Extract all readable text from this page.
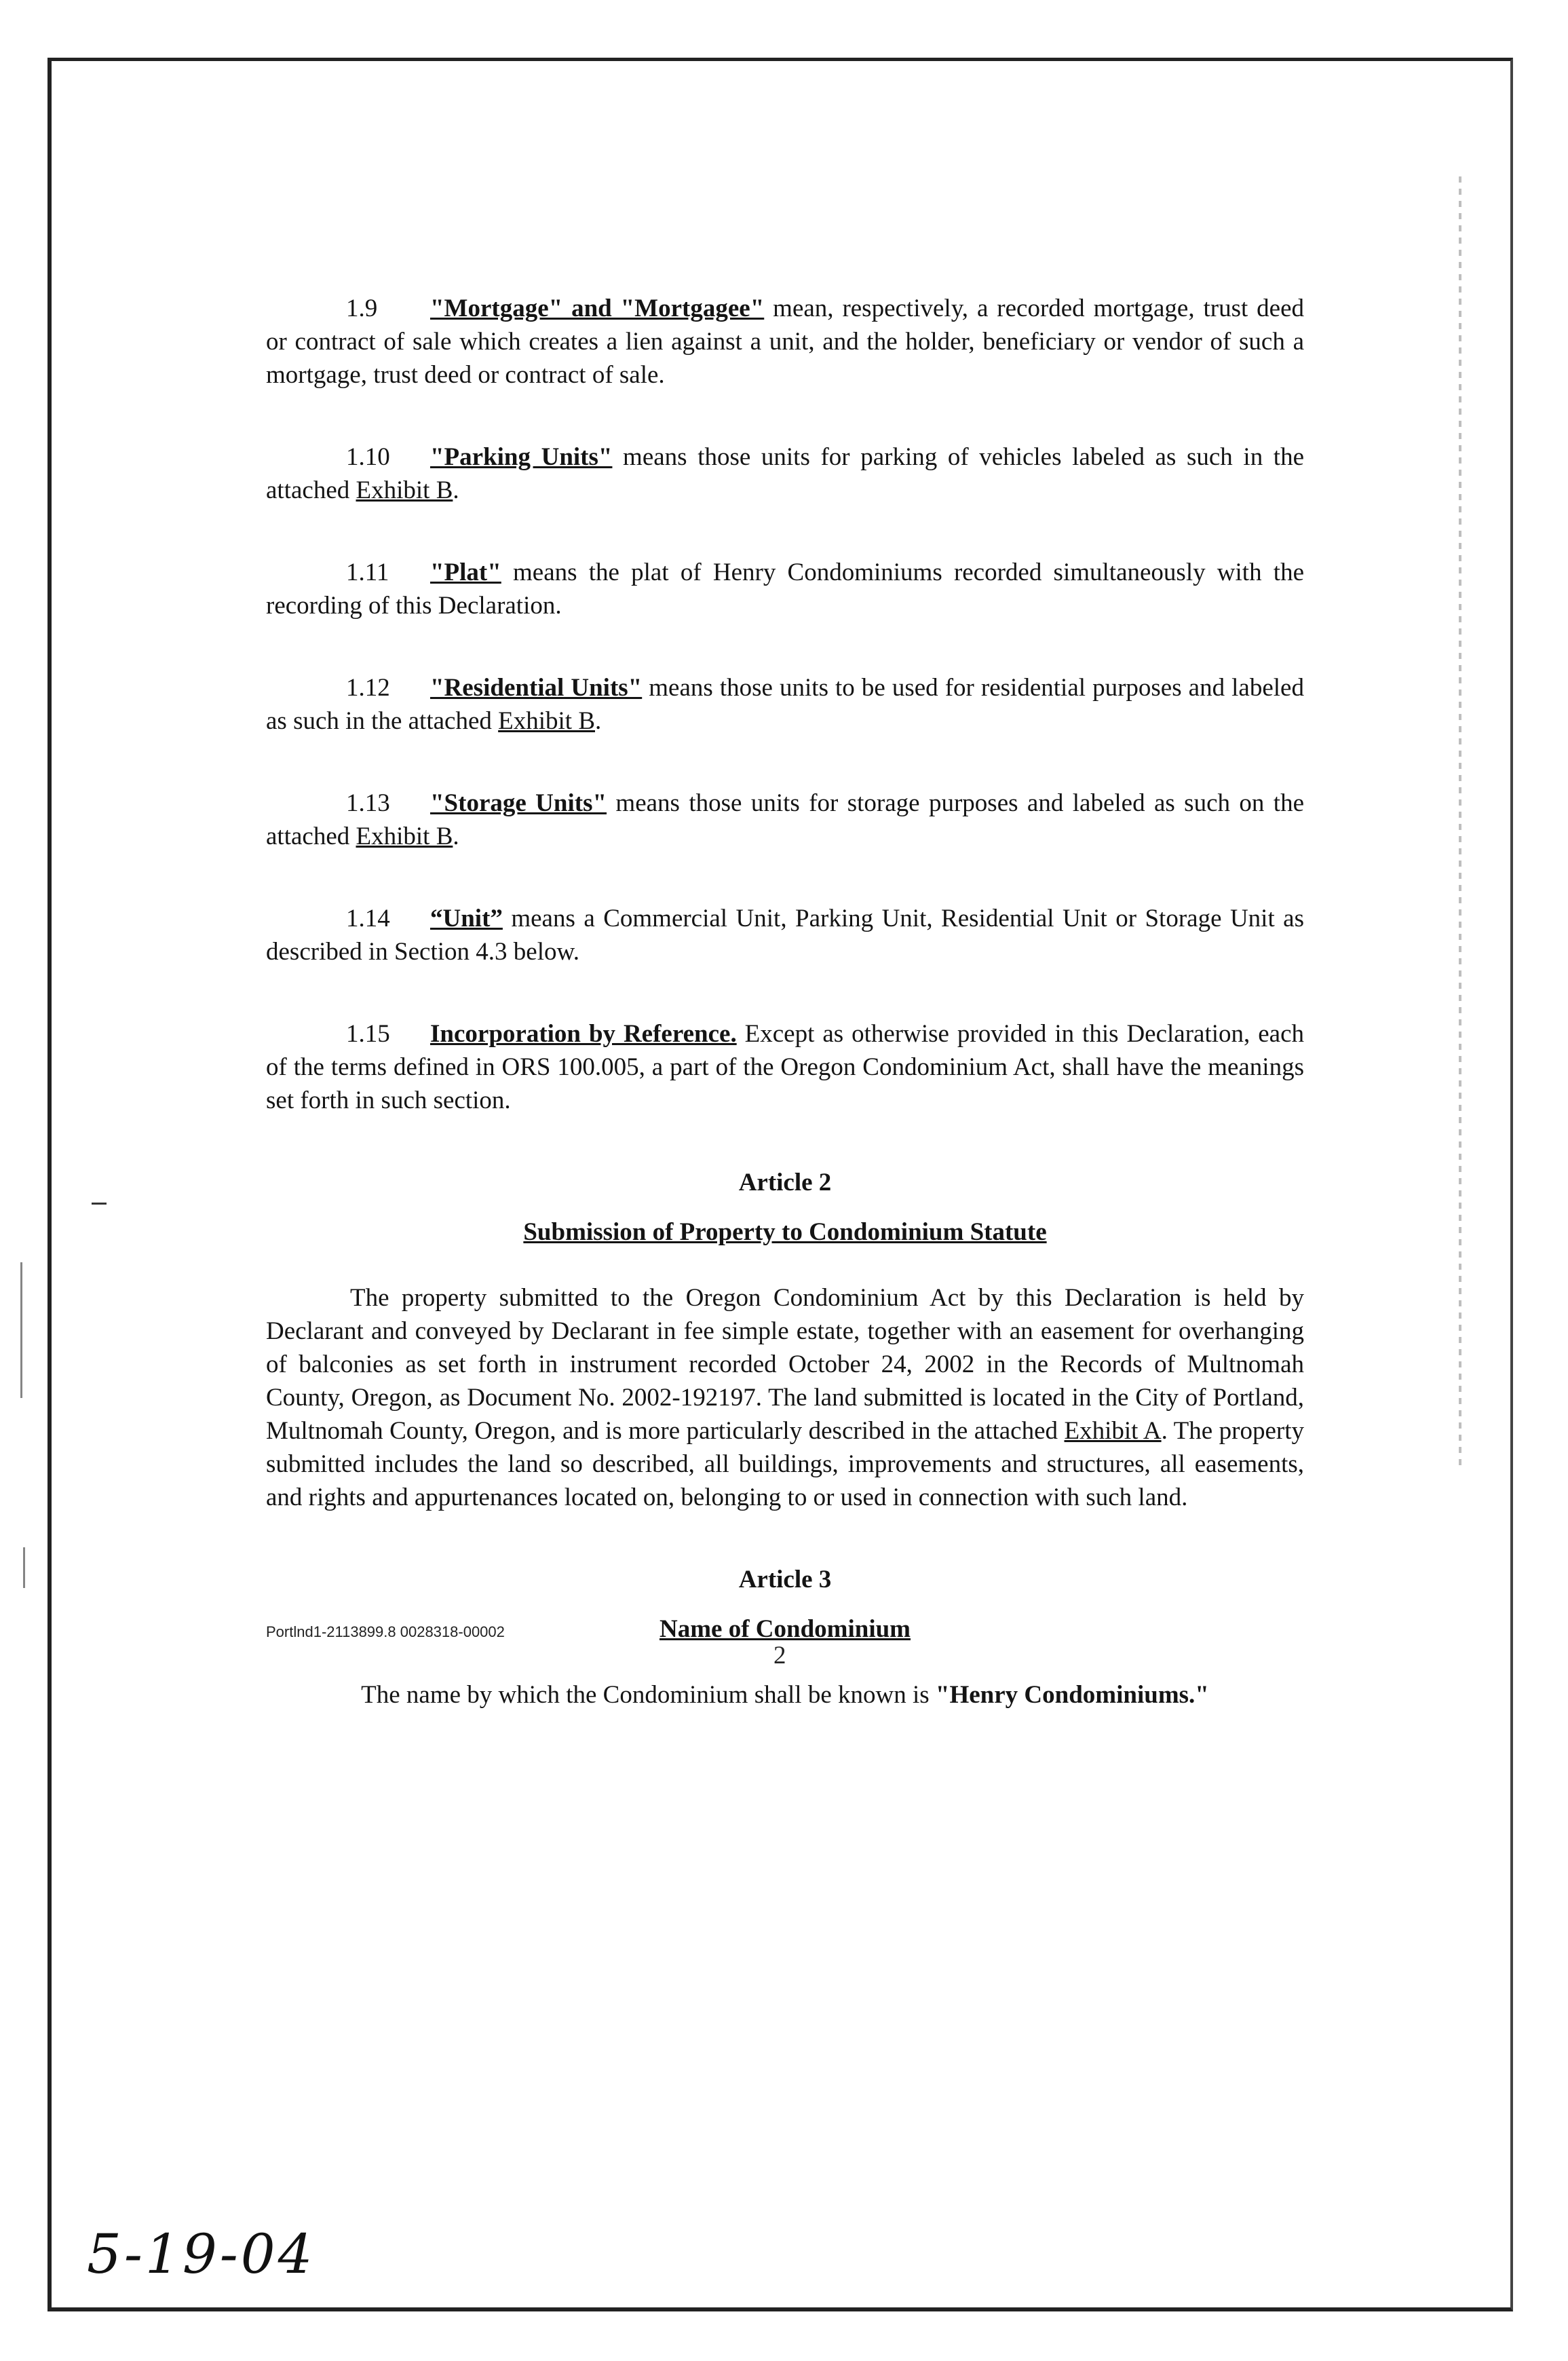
1.9 "Mortgage" and "Mortgagee" mean, respectively, a recorded mortgage, trust deed or contract of sale which creates a lien against a unit, and the holder, beneficiary or vendor of such a mortgage, trust deed or contract of sale.

1.10 "Parking Units" means those units for parking of vehicles labeled as such in the attached Exhibit B.

1.11 "Plat" means the plat of Henry Condominiums recorded simultaneously with the recording of this Declaration.

1.12 "Residential Units" means those units to be used for residential purposes and labeled as such in the attached Exhibit B.

1.13 "Storage Units" means those units for storage purposes and labeled as such on the attached Exhibit B.

1.14 “Unit” means a Commercial Unit, Parking Unit, Residential Unit or Storage Unit as described in Section 4.3 below.

1.15 Incorporation by Reference. Except as otherwise provided in this Declaration, each of the terms defined in ORS 100.005, a part of the Oregon Condominium Act, shall have the meanings set forth in such section.

Article 2
Submission of Property to Condominium Statute

The property submitted to the Oregon Condominium Act by this Declaration is held by Declarant and conveyed by Declarant in fee simple estate, together with an easement for overhanging of balconies as set forth in instrument recorded October 24, 2002 in the Records of Multnomah County, Oregon, as Document No. 2002-192197. The land submitted is located in the City of Portland, Multnomah County, Oregon, and is more particularly described in the attached Exhibit A. The property submitted includes the land so described, all buildings, improvements and structures, all easements, and rights and appurtenances located on, belonging to or used in connection with such land.

Article 3
Name of Condominium

The name by which the Condominium shall be known is "Henry Condominiums."

Portlnd1-2113899.8 0028318-00002
2
5-19-04
